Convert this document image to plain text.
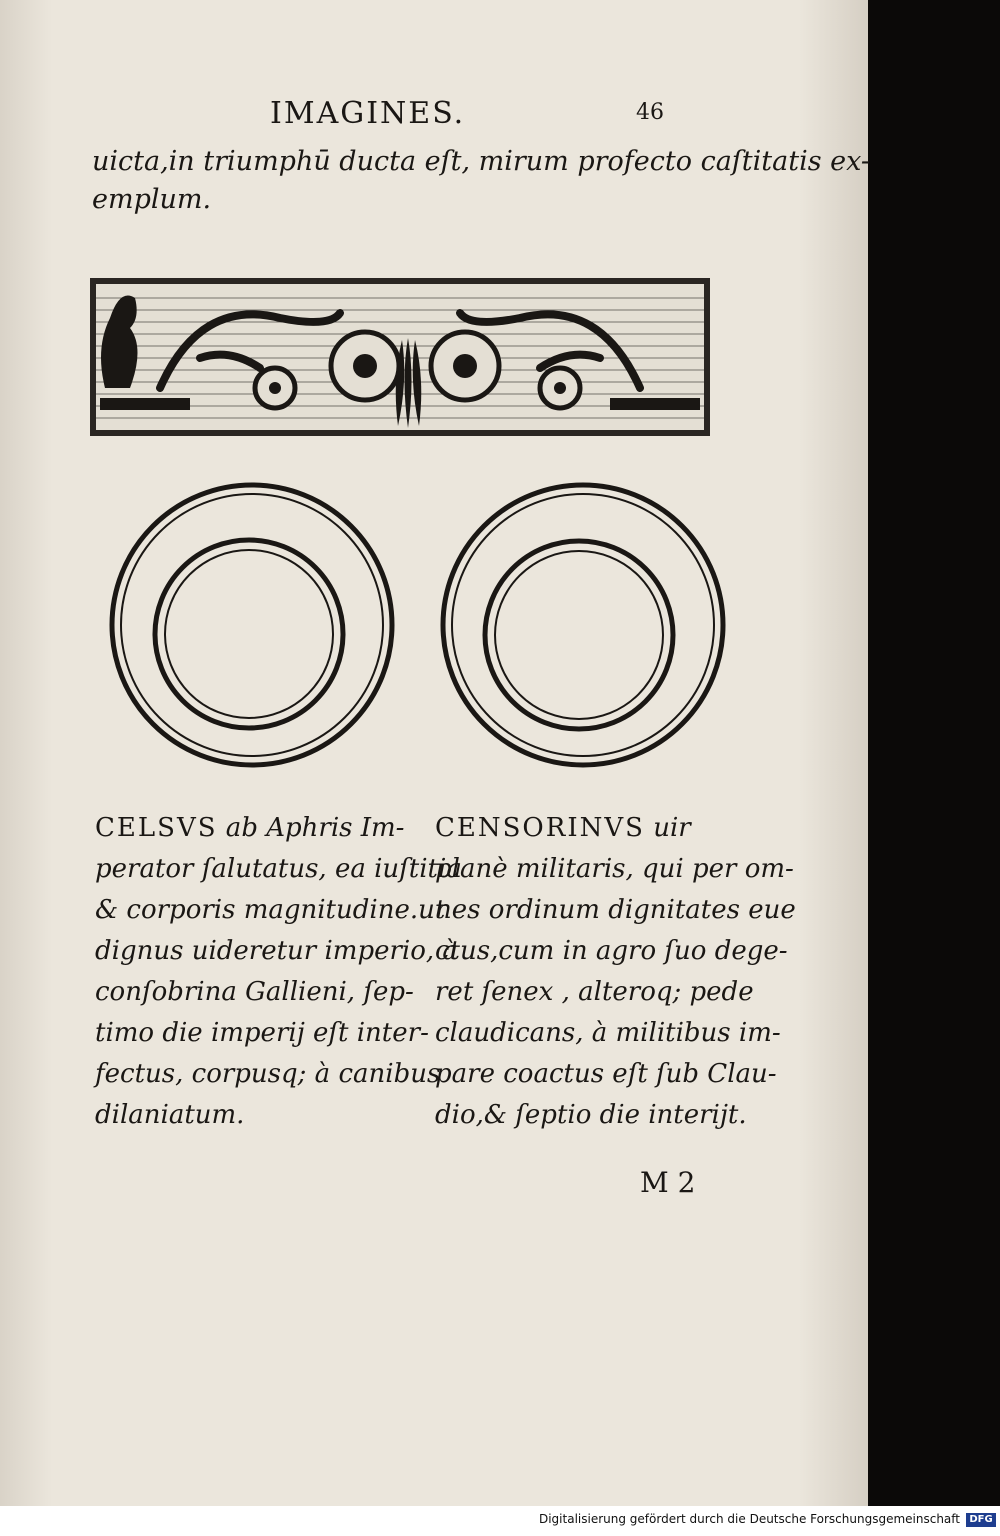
IMAGINES.	46
uicta,in triumphū ducta eſt, mirum profecto caſtitatis ex-
emplum.
CELSVS ab Aphris Im-
perator ſalutatus, ea iuſtitia
& corporis magnitudine.ut
dignus uideretur imperio, à
conſobrina Gallieni, ſep-
timo die imperij eſt inter-
fectus, corpusq; à canibus
dilaniatum.
CENSORINVS uir
planè militaris, qui per om-
nes ordinum dignitates eue
ctus,cum in agro ſuo dege-
ret ſenex , alteroq; pede
claudicans, à militibus im-
pare coactus eſt ſub Clau-
dio,& ſeptio die interijt.
M 2
Digitalisierung gefördert durch die Deutsche Forschungsgemeinschaft DFG
